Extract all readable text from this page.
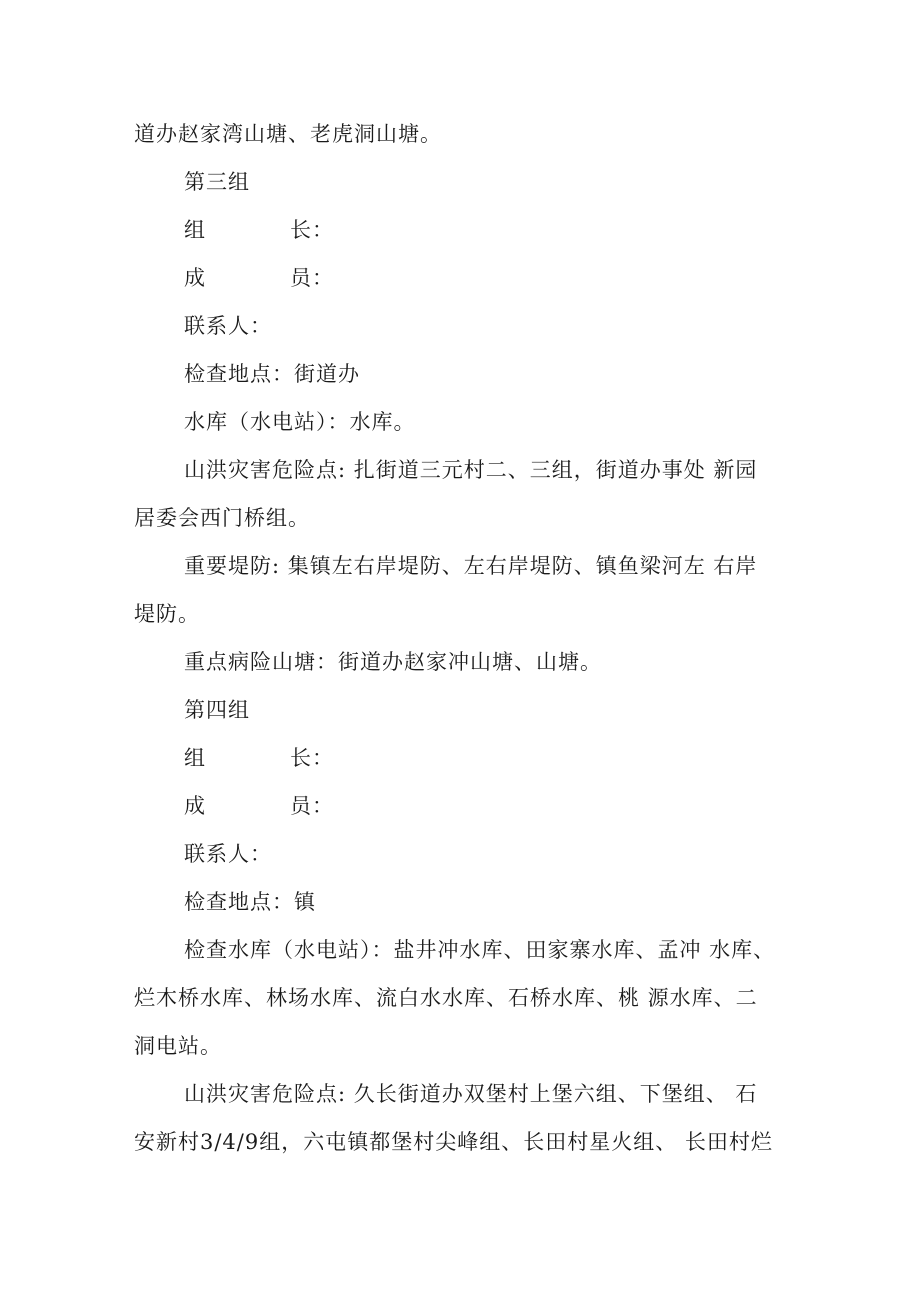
道办赵家湾山塘、老虎洞山塘。
第三组
组	长：
成	员：
联系人：
检查地点：街道办
水库（水电站）：水库。
山洪灾害危险点: 扎街道三元村二、三组，街道办事处 新园
居委会西门桥组。
重要堤防: 集镇左右岸堤防、左右岸堤防、镇鱼梁河左 右岸
堤防。
重点病险山塘：街道办赵家冲山塘、山塘。
第四组
组	长：
成	员：
联系人：
检查地点：镇
检查水库（水电站）：盐井冲水库、田家寨水库、孟冲 水库、
烂木桥水库、林场水库、流白水水库、石桥水库、桃 源水库、二
洞电站。
山洪灾害危险点: 久长街道办双堡村上堡六组、下堡组、 石
安新村3/4/9组，六屯镇都堡村尖峰组、长田村星火组、 长田村烂
